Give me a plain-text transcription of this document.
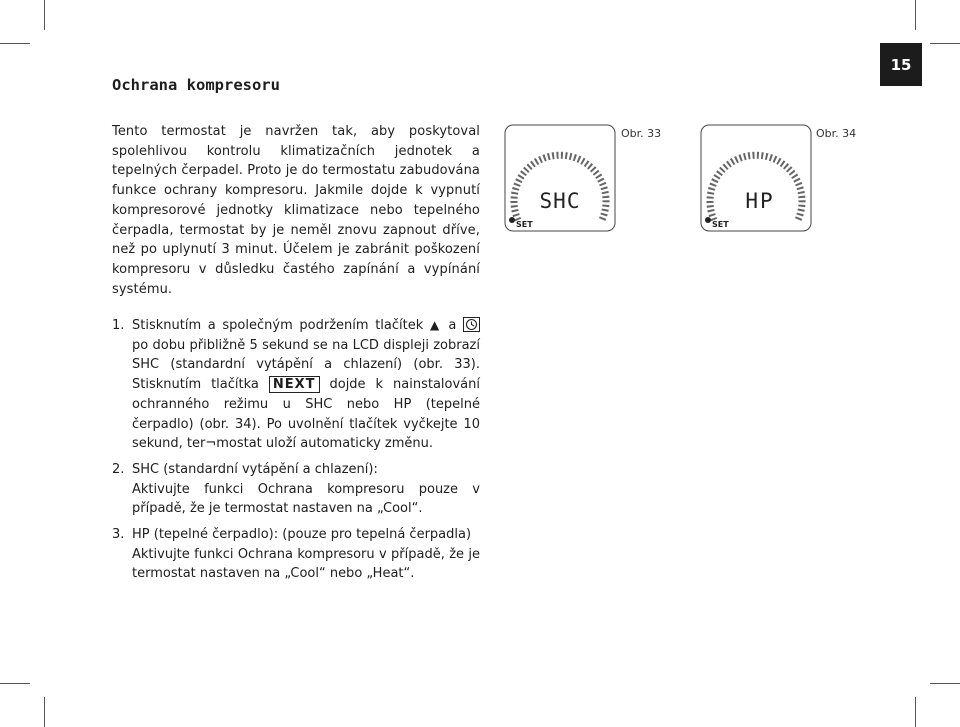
15
Ochrana kompresoru

Tento termostat je navržen tak, aby poskytoval spolehlivou kontrolu klimatizačních jednotek a tepelných čerpadel. Proto je do termostatu zabudována funkce ochrany kompresoru. Jakmile dojde k vypnutí kompresorové jednotky klimatizace nebo tepelného čerpadla, termostat by je neměl znovu zapnout dříve, než po uplynutí 3 minut. Účelem je zabránit poškození kompresoru v důsledku častého zapínání a vypínání systému.

1. Stisknutím a společným podržením tlačítek ▲ a
po dobu přibližně 5 sekund se na LCD displeji zobrazí SHC (standardní vytápění a chlazení) (obr. 33). Stisknutím tlačítka NEXT dojde k nainstalování ochranného režimu u SHC nebo HP (tepelné čerpadlo) (obr. 34). Po uvolnění tlačítek vyčkejte 10 sekund, ter¬mostat uloží automaticky změnu.
2. SHC (standardní vytápění a chlazení):
Aktivujte funkci Ochrana kompresoru pouze v případě, že je termostat nastaven na „Cool“.
3. HP (tepelné čerpadlo): (pouze pro tepelná čerpadla)
Aktivujte funkci Ochrana kompresoru v případě, že je termostat nastaven na „Cool“ nebo „Heat“.
SHC
SET
Obr. 33
HP
SET
Obr. 34
